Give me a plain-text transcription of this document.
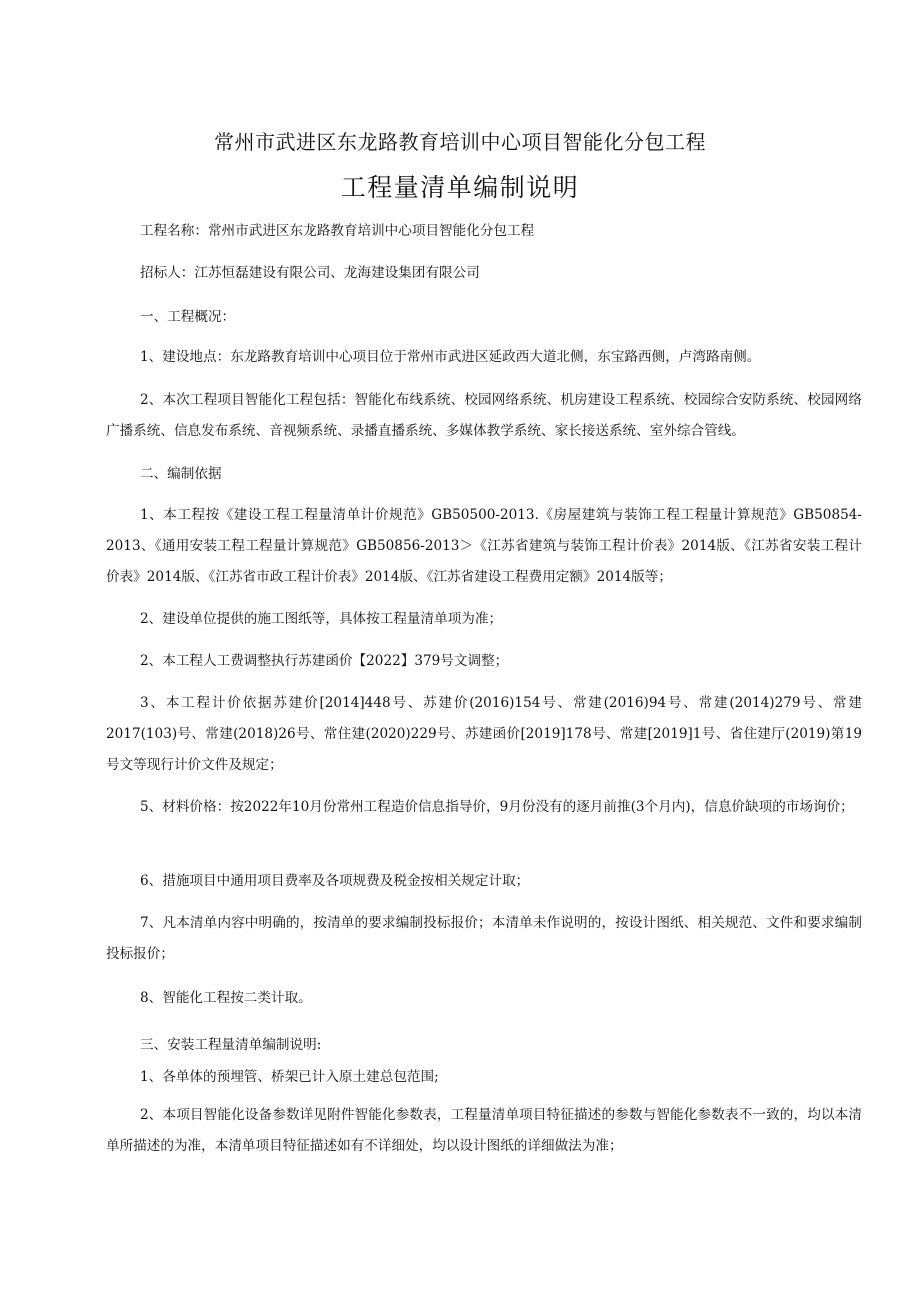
常州市武进区东龙路教育培训中心项目智能化分包工程
工程量清单编制说明

工程名称：常州市武进区东龙路教育培训中心项目智能化分包工程

招标人：江苏恒磊建设有限公司、龙海建设集团有限公司

一、工程概况：

1、建设地点：东龙路教育培训中心项目位于常州市武进区延政西大道北侧，东宝路西侧，卢湾路南侧。

2、本次工程项目智能化工程包括：智能化布线系统、校园网络系统、机房建设工程系统、校园综合安防系统、校园网络广播系统、信息发布系统、音视频系统、录播直播系统、多媒体教学系统、家长接送系统、室外综合管线。

二、编制依据

1、本工程按《建设工程工程量清单计价规范》GB50500-2013.《房屋建筑与装饰工程工程量计算规范》GB50854-2013、《通用安装工程工程量计算规范》GB50856-2013＞《江苏省建筑与装饰工程计价表》2014版、《江苏省安装工程计价表》2014版、《江苏省市政工程计价表》2014版、《江苏省建设工程费用定额》2014版等；

2、建设单位提供的施工图纸等，具体按工程量清单项为准；

2、本工程人工费调整执行苏建函价【2022】379号文调整；

3、本工程计价依据苏建价[2014]448号、苏建价(2016)154号、常建(2016)94号、常建(2014)279号、常建2017(103)号、常建(2018)26号、常住建(2020)229号、苏建函价[2019]178号、常建[2019]1号、省住建厅(2019)第19号文等现行计价文件及规定；

5、材料价格：按2022年10月份常州工程造价信息指导价，9月份没有的逐月前推(3个月内)，信息价缺项的市场询价；

6、措施项目中通用项目费率及各项规费及税金按相关规定计取；

7、凡本清单内容中明确的，按清单的要求编制投标报价；本清单未作说明的，按设计图纸、相关规范、文件和要求编制投标报价；

8、智能化工程按二类计取。

三、安装工程量清单编制说明:

1、各单体的预埋管、桥架已计入原土建总包范围;

2、本项目智能化设备参数详见附件智能化参数表，工程量清单项目特征描述的参数与智能化参数表不一致的，均以本清单所描述的为准，本清单项目特征描述如有不详细处，均以设计图纸的详细做法为准；
